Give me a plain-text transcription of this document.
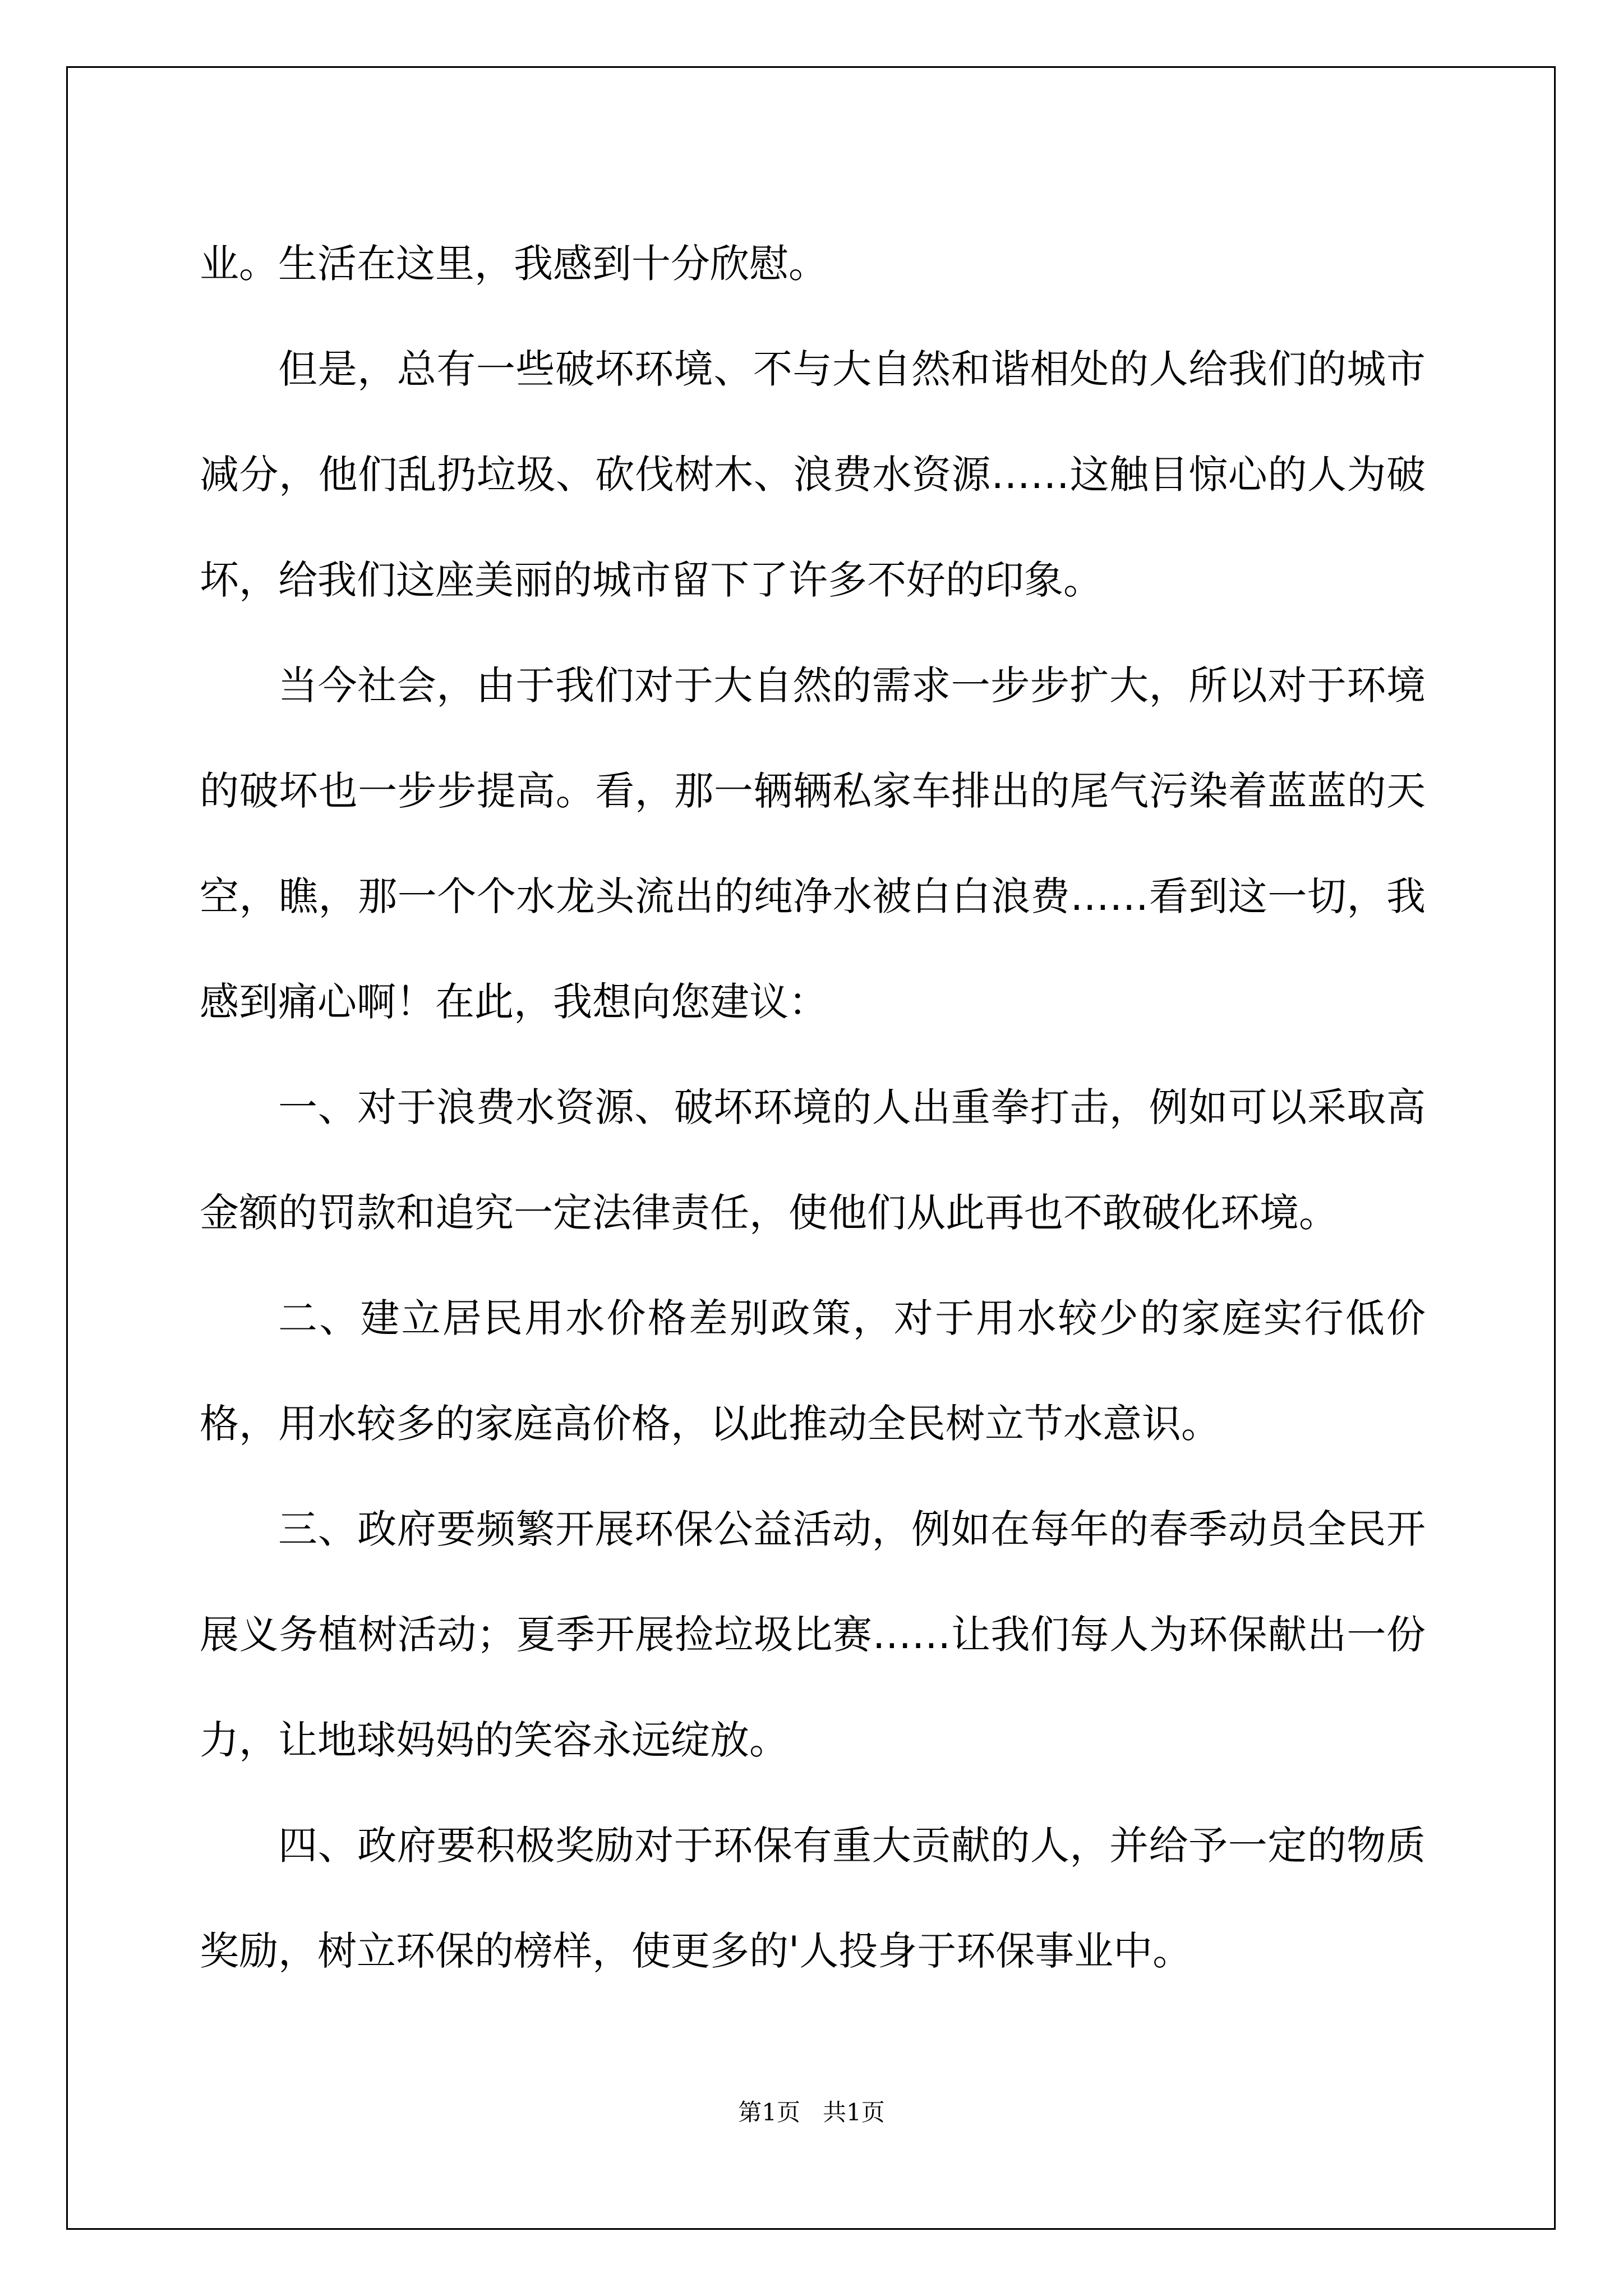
业。生活在这里，我感到十分欣慰。

但是，总有一些破坏环境、不与大自然和谐相处的人给我们的城市减分，他们乱扔垃圾、砍伐树木、浪费水资源……这触目惊心的人为破坏，给我们这座美丽的城市留下了许多不好的印象。

当今社会，由于我们对于大自然的需求一步步扩大，所以对于环境的破坏也一步步提高。看，那一辆辆私家车排出的尾气污染着蓝蓝的天空，瞧，那一个个水龙头流出的纯净水被白白浪费……看到这一切，我感到痛心啊！在此，我想向您建议：

一、对于浪费水资源、破坏环境的人出重拳打击，例如可以采取高金额的罚款和追究一定法律责任，使他们从此再也不敢破化环境。

二、建立居民用水价格差别政策，对于用水较少的家庭实行低价格，用水较多的家庭高价格，以此推动全民树立节水意识。

三、政府要频繁开展环保公益活动，例如在每年的春季动员全民开展义务植树活动；夏季开展捡垃圾比赛……让我们每人为环保献出一份力，让地球妈妈的笑容永远绽放。

四、政府要积极奖励对于环保有重大贡献的人，并给予一定的物质奖励，树立环保的榜样，使更多的'人投身于环保事业中。

第1页 共1页
